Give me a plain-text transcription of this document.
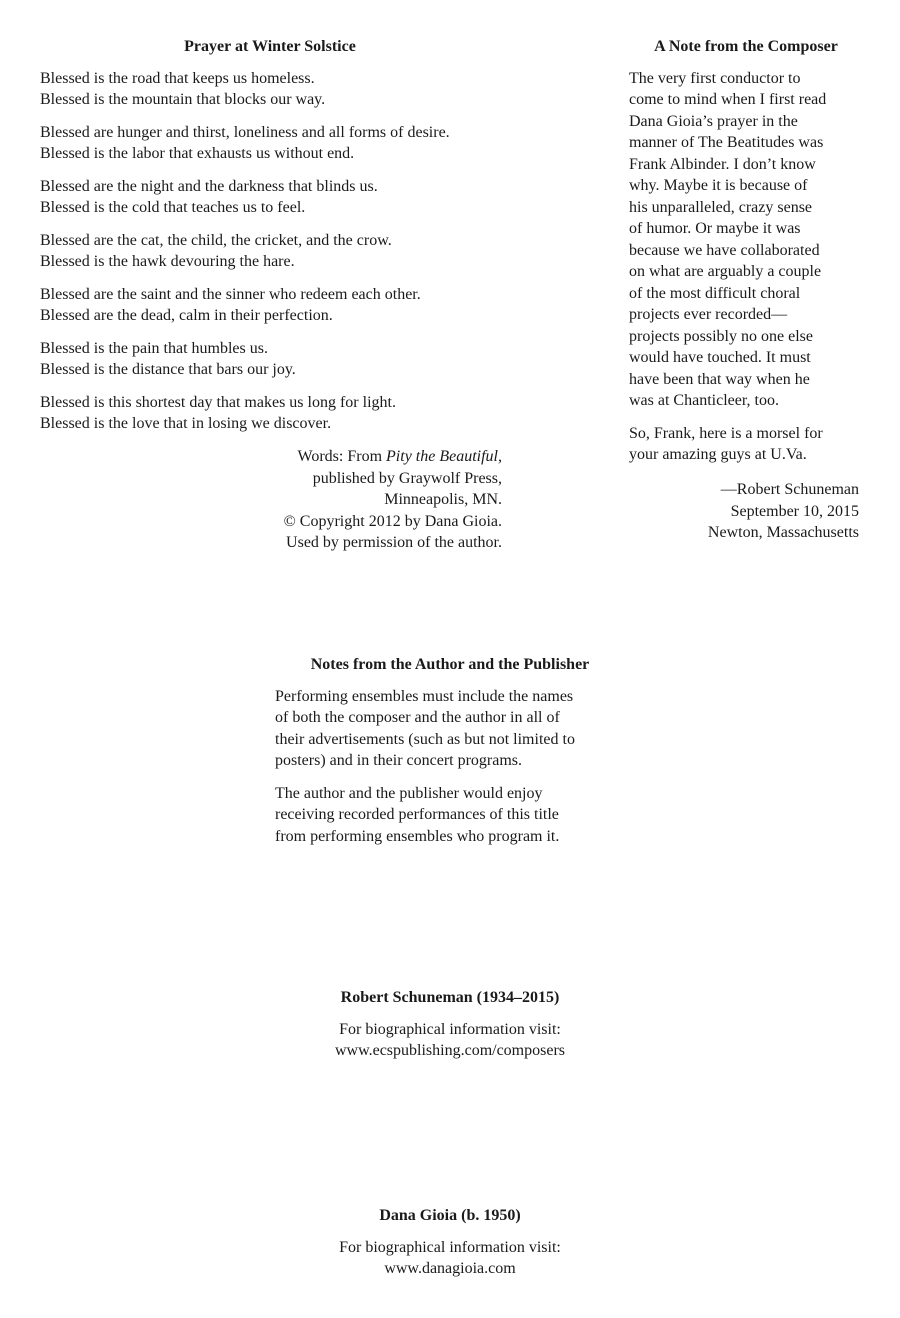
Prayer at Winter Solstice
Blessed is the road that keeps us homeless.
Blessed is the mountain that blocks our way.
Blessed are hunger and thirst, loneliness and all forms of desire.
Blessed is the labor that exhausts us without end.
Blessed are the night and the darkness that blinds us.
Blessed is the cold that teaches us to feel.
Blessed are the cat, the child, the cricket, and the crow.
Blessed is the hawk devouring the hare.
Blessed are the saint and the sinner who redeem each other.
Blessed are the dead, calm in their perfection.
Blessed is the pain that humbles us.
Blessed is the distance that bars our joy.
Blessed is this shortest day that makes us long for light.
Blessed is the love that in losing we discover.
Words: From Pity the Beautiful,
published by Graywolf Press,
Minneapolis, MN.
© Copyright 2012 by Dana Gioia.
Used by permission of the author.
A Note from the Composer

The very first conductor to
come to mind when I first read
Dana Gioia’s prayer in the
manner of The Beatitudes was
Frank Albinder. I don’t know
why. Maybe it is because of
his unparalleled, crazy sense
of humor. Or maybe it was
because we have collaborated
on what are arguably a couple
of the most difficult choral
projects ever recorded—
projects possibly no one else
would have touched. It must
have been that way when he
was at Chanticleer, too.

So, Frank, here is a morsel for
your amazing guys at U.Va.

—Robert Schuneman
September 10, 2015
Newton, Massachusetts
Notes from the Author and the Publisher

Performing ensembles must include the names
of both the composer and the author in all of
their advertisements (such as but not limited to
posters) and in their concert programs.

The author and the publisher would enjoy
receiving recorded performances of this title
from performing ensembles who program it.

Robert Schuneman (1934–2015)
For biographical information visit:
www.ecspublishing.com/composers
Dana Gioia (b. 1950)
For biographical information visit:
www.danagioia.com
